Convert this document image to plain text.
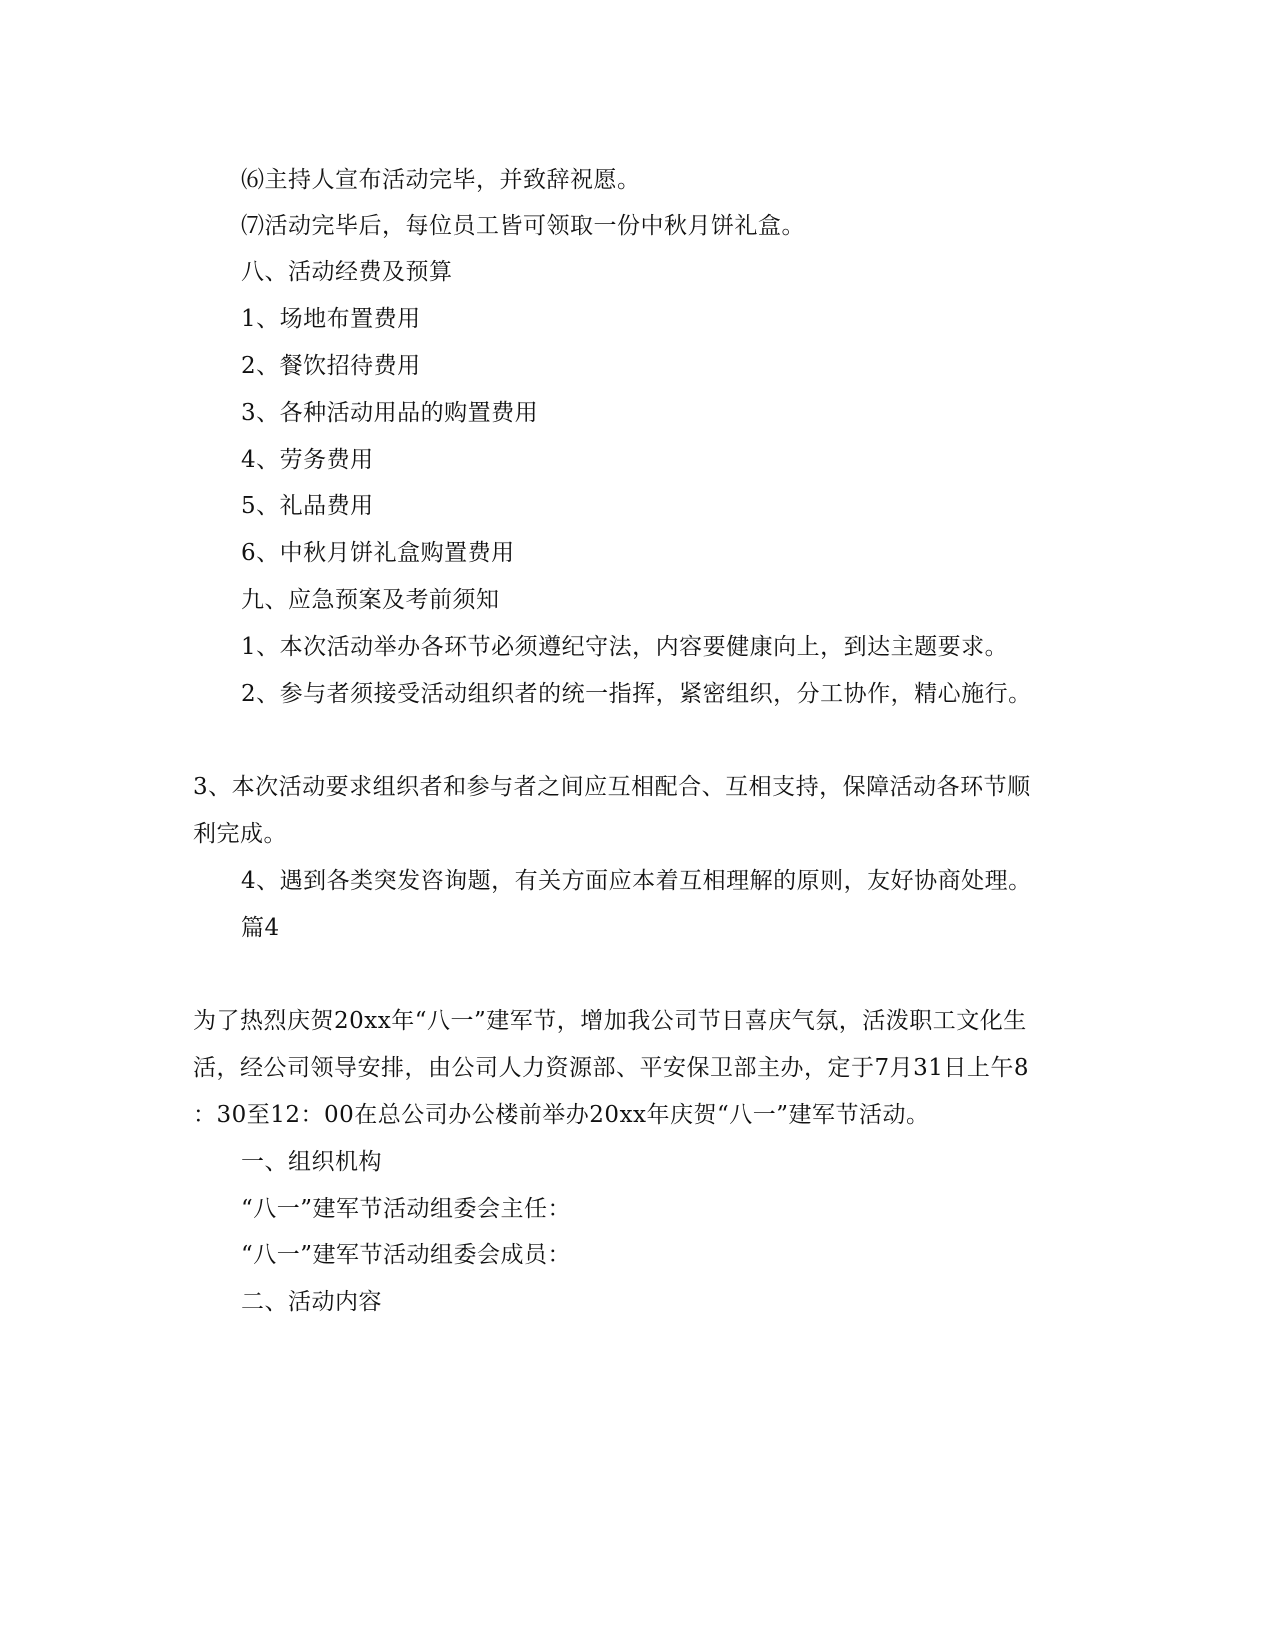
⑹主持人宣布活动完毕，并致辞祝愿。
⑺活动完毕后，每位员工皆可领取一份中秋月饼礼盒。
八、活动经费及预算
1、场地布置费用
2、餐饮招待费用
3、各种活动用品的购置费用
4、劳务费用
5、礼品费用
6、中秋月饼礼盒购置费用
九、应急预案及考前须知
1、本次活动举办各环节必须遵纪守法，内容要健康向上，到达主题要求。
2、参与者须接受活动组织者的统一指挥，紧密组织，分工协作，精心施行。
3、本次活动要求组织者和参与者之间应互相配合、互相支持，保障活动各环节顺
利完成。
4、遇到各类突发咨询题，有关方面应本着互相理解的原则，友好协商处理。
篇4
为了热烈庆贺20xx年“八一”建军节，增加我公司节日喜庆气氛，活泼职工文化生
活，经公司领导安排，由公司人力资源部、平安保卫部主办，定于7月31日上午8
：30至12：00在总公司办公楼前举办20xx年庆贺“八一”建军节活动。
一、组织机构
“八一”建军节活动组委会主任：
“八一”建军节活动组委会成员：
二、活动内容
